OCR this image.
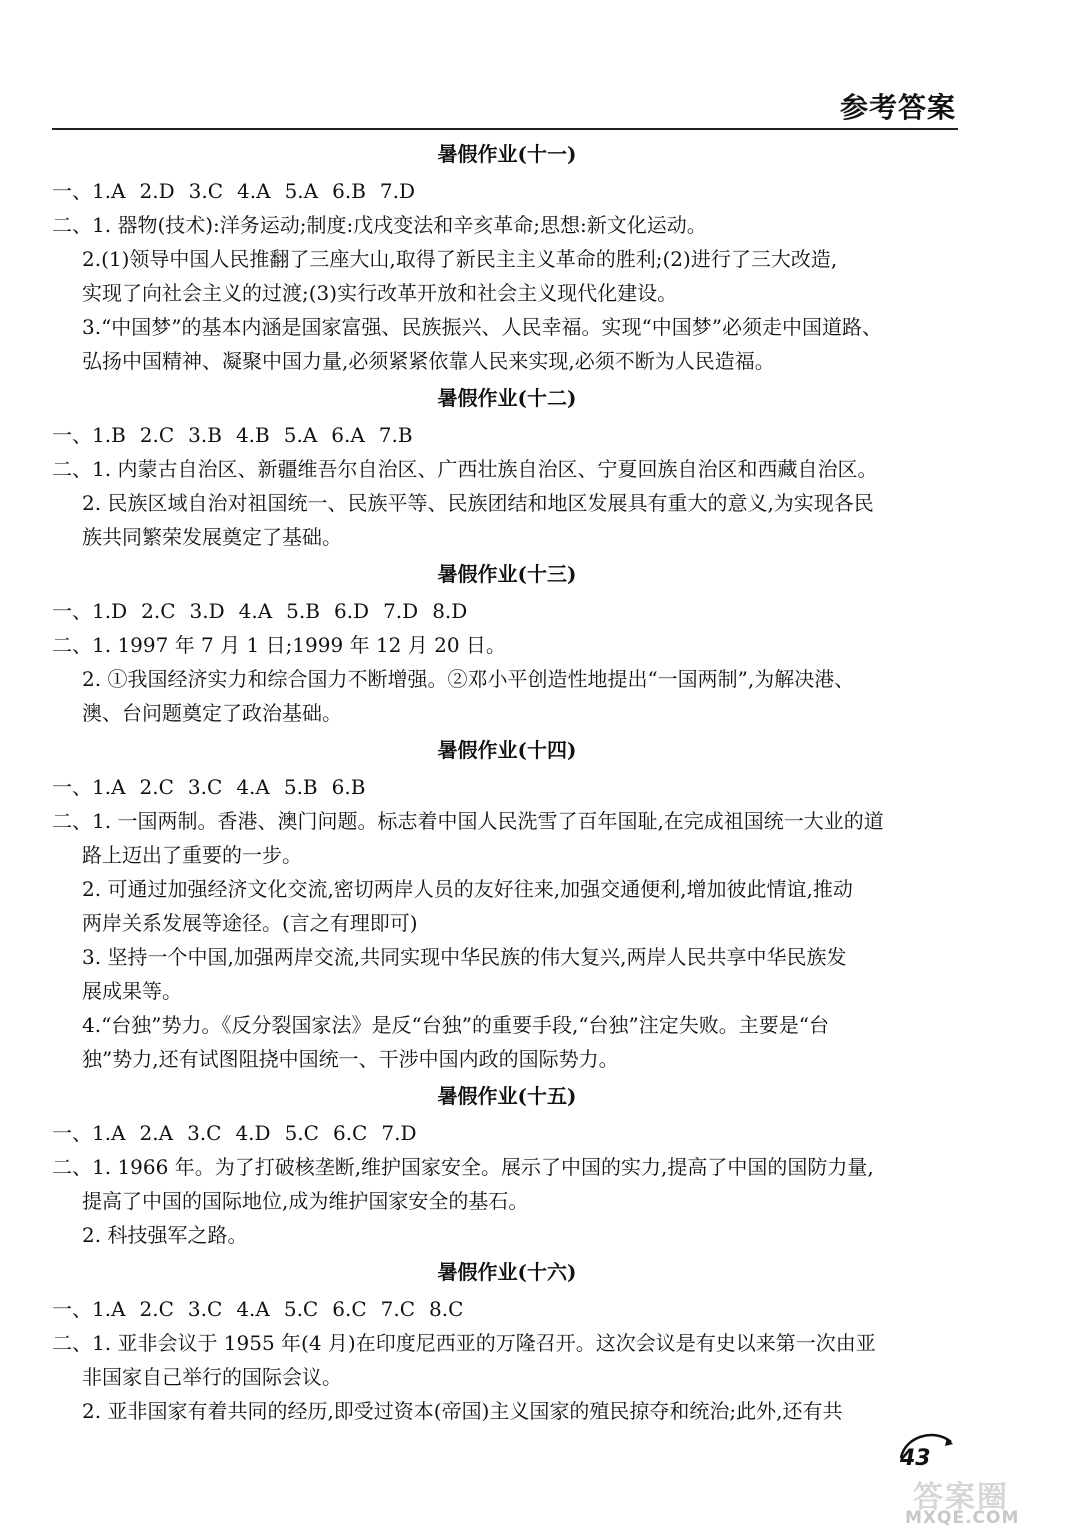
参考答案
暑假作业(十一)
一、1.A 2.D 3.C 4.A 5.A 6.B 7.D
二、1. 器物(技术):洋务运动;制度:戊戌变法和辛亥革命;思想:新文化运动。
2.(1)领导中国人民推翻了三座大山,取得了新民主主义革命的胜利;(2)进行了三大改造,
实现了向社会主义的过渡;(3)实行改革开放和社会主义现代化建设。
3.“中国梦”的基本内涵是国家富强、民族振兴、人民幸福。实现“中国梦”必须走中国道路、
弘扬中国精神、凝聚中国力量,必须紧紧依靠人民来实现,必须不断为人民造福。
暑假作业(十二)
一、1.B 2.C 3.B 4.B 5.A 6.A 7.B
二、1. 内蒙古自治区、新疆维吾尔自治区、广西壮族自治区、宁夏回族自治区和西藏自治区。
2. 民族区域自治对祖国统一、民族平等、民族团结和地区发展具有重大的意义,为实现各民
族共同繁荣发展奠定了基础。
暑假作业(十三)
一、1.D 2.C 3.D 4.A 5.B 6.D 7.D 8.D
二、1. 1997 年 7 月 1 日;1999 年 12 月 20 日。
2. ①我国经济实力和综合国力不断增强。②邓小平创造性地提出“一国两制”,为解决港、
澳、台问题奠定了政治基础。
暑假作业(十四)
一、1.A 2.C 3.C 4.A 5.B 6.B
二、1. 一国两制。香港、澳门问题。标志着中国人民洗雪了百年国耻,在完成祖国统一大业的道
路上迈出了重要的一步。
2. 可通过加强经济文化交流,密切两岸人员的友好往来,加强交通便利,增加彼此情谊,推动
两岸关系发展等途径。(言之有理即可)
3. 坚持一个中国,加强两岸交流,共同实现中华民族的伟大复兴,两岸人民共享中华民族发
展成果等。
4.“台独”势力。《反分裂国家法》是反“台独”的重要手段,“台独”注定失败。主要是“台
独”势力,还有试图阻挠中国统一、干涉中国内政的国际势力。
暑假作业(十五)
一、1.A 2.A 3.C 4.D 5.C 6.C 7.D
二、1. 1966 年。为了打破核垄断,维护国家安全。展示了中国的实力,提高了中国的国防力量,
提高了中国的国际地位,成为维护国家安全的基石。
2. 科技强军之路。
暑假作业(十六)
一、1.A 2.C 3.C 4.A 5.C 6.C 7.C 8.C
二、1. 亚非会议于 1955 年(4 月)在印度尼西亚的万隆召开。这次会议是有史以来第一次由亚
非国家自己举行的国际会议。
2. 亚非国家有着共同的经历,即受过资本(帝国)主义国家的殖民掠夺和统治;此外,还有共
43
答案圈
MXQE.COM
